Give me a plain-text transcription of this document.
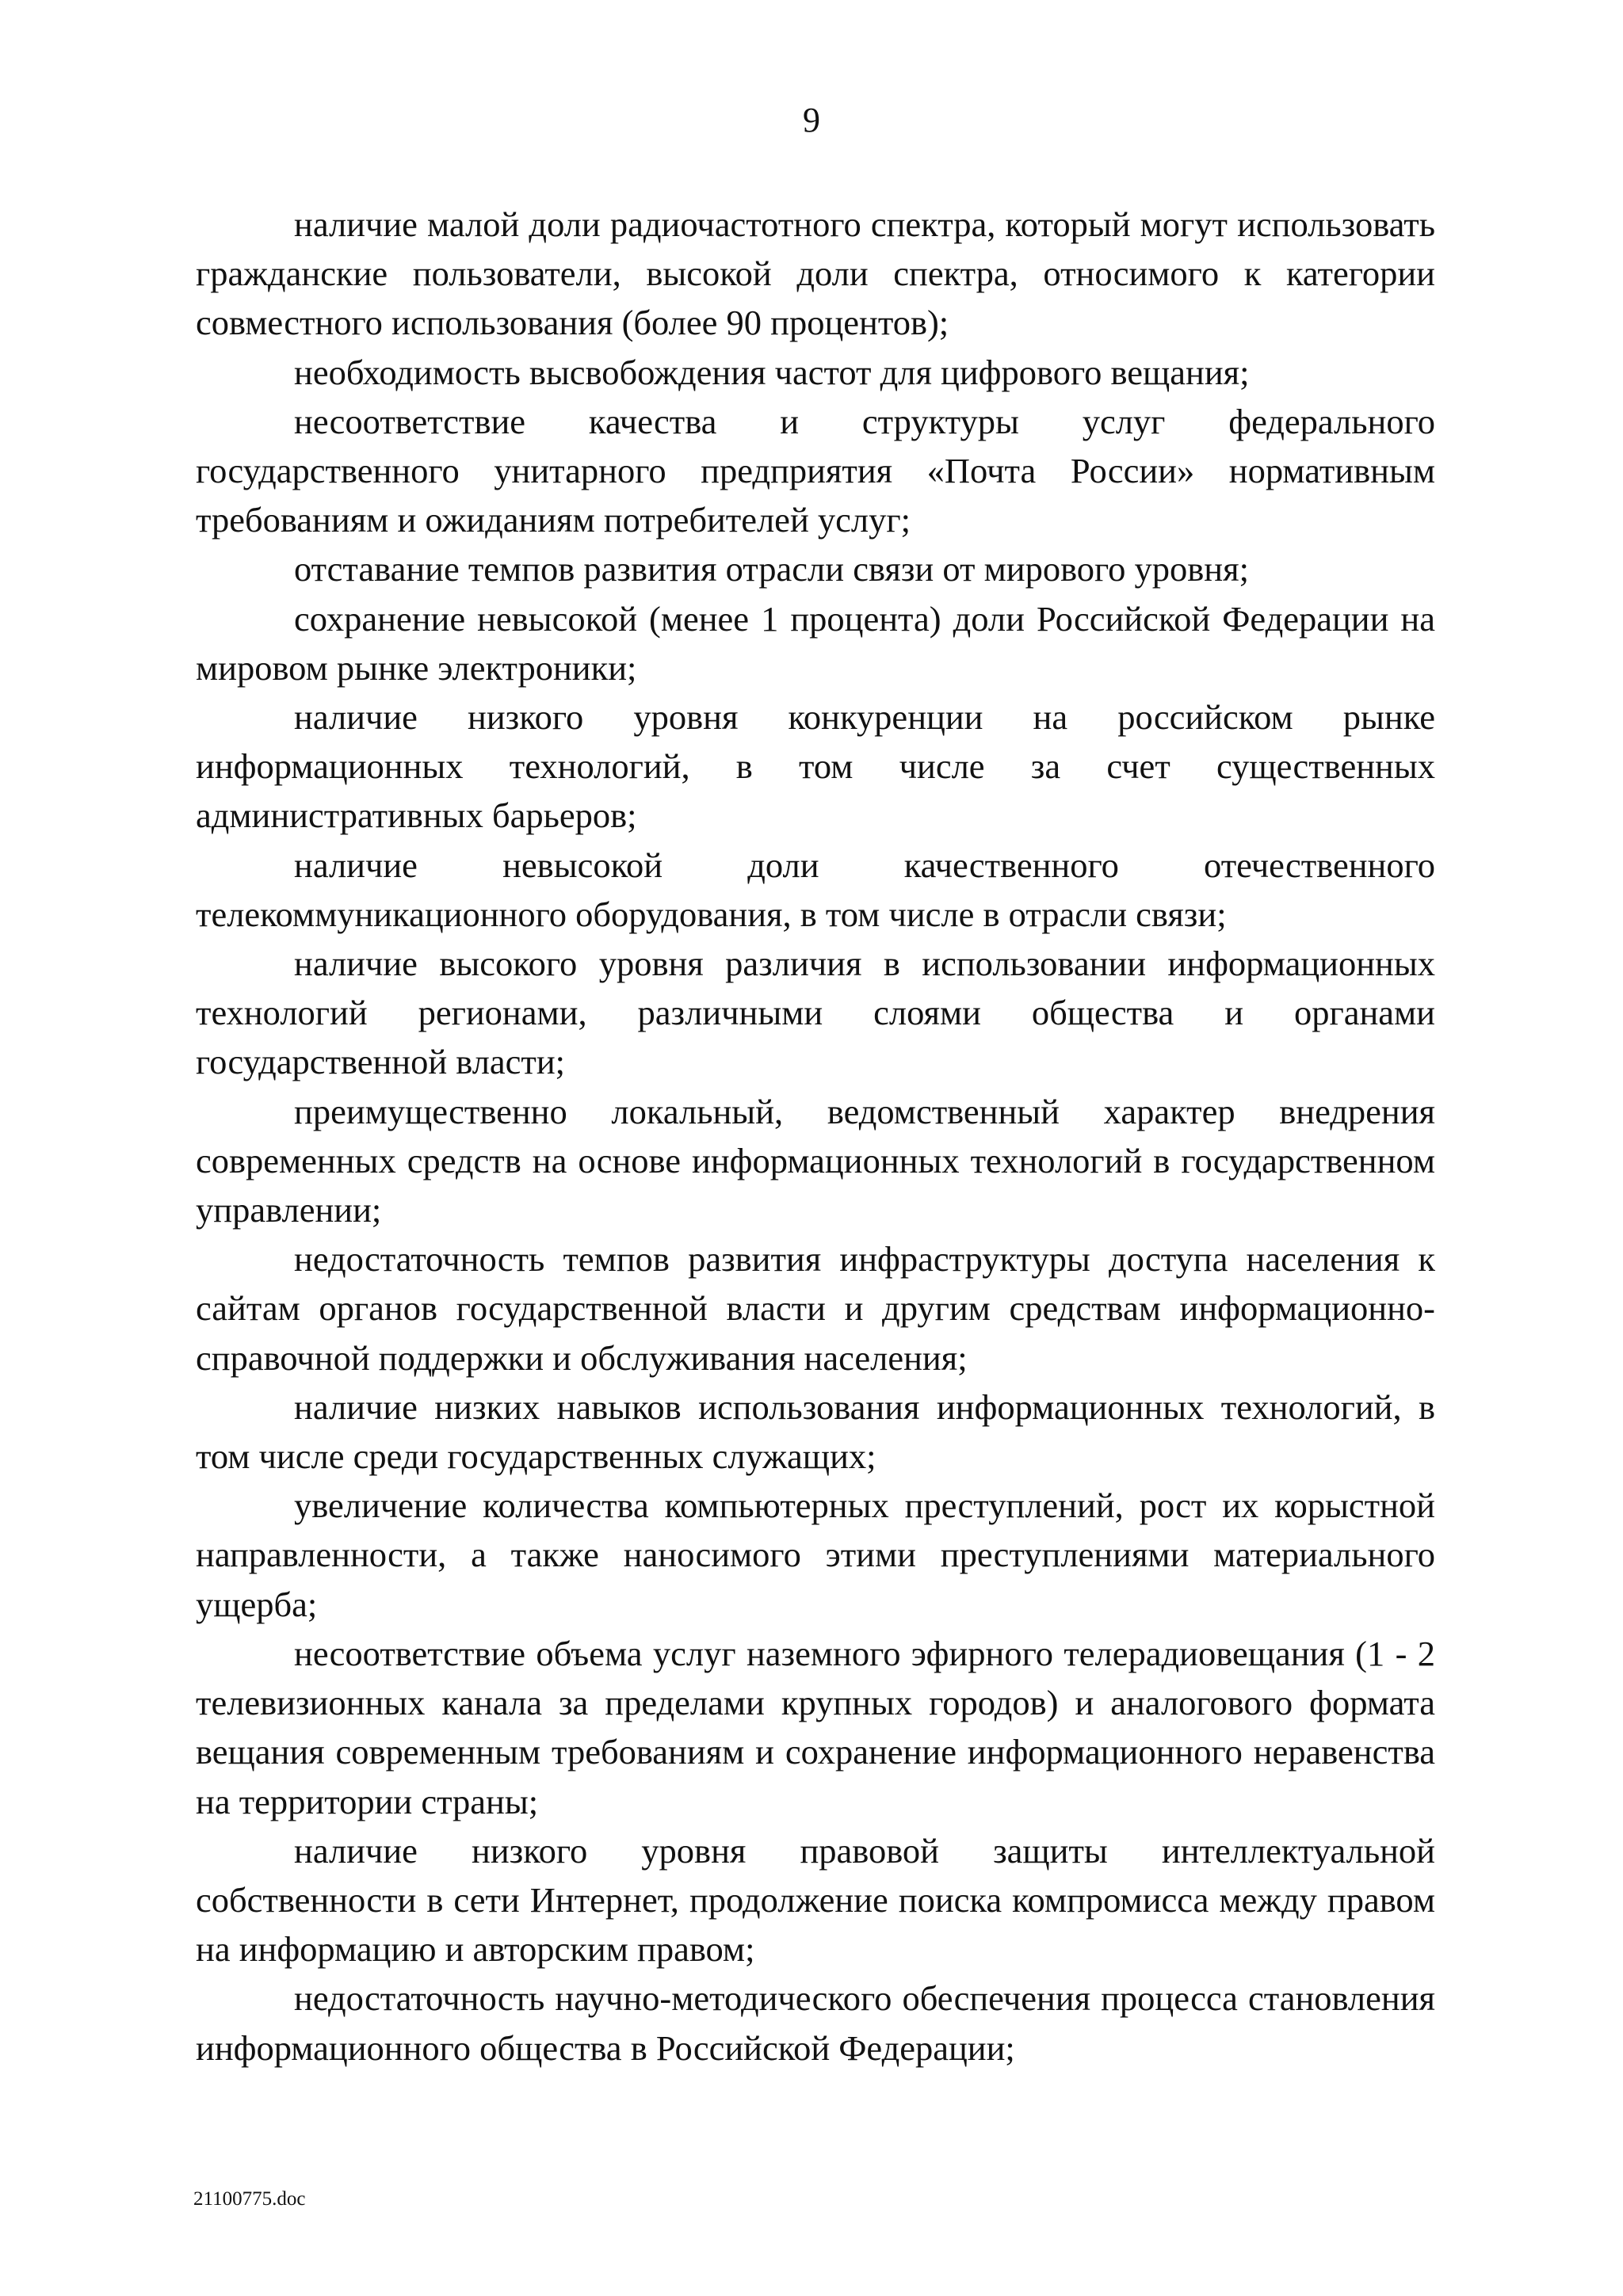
9

наличие малой доли радиочастотного спектра, который могут использовать гражданские пользователи, высокой доли спектра, относимого к категории совместного использования (более 90 процентов);

необходимость высвобождения частот для цифрового вещания;

несоответствие качества и структуры услуг федерального государственного унитарного предприятия «Почта России» нормативным требованиям и ожиданиям потребителей услуг;

отставание темпов развития отрасли связи от мирового уровня;

сохранение невысокой (менее 1 процента) доли Российской Федерации на мировом рынке электроники;

наличие низкого уровня конкуренции на российском рынке информационных технологий, в том числе за счет существенных административных барьеров;

наличие невысокой доли качественного отечественного телекоммуникационного оборудования, в том числе в отрасли связи;

наличие высокого уровня различия в использовании информационных технологий регионами, различными слоями общества и органами государственной власти;

преимущественно локальный, ведомственный характер внедрения современных средств на основе информационных технологий в государственном управлении;

недостаточность темпов развития инфраструктуры доступа населения к сайтам органов государственной власти и другим средствам информационно-справочной поддержки и обслуживания населения;

наличие низких навыков использования информационных технологий, в том числе среди государственных служащих;

увеличение количества компьютерных преступлений, рост их корыстной направленности, а также наносимого этими преступлениями материального ущерба;

несоответствие объема услуг наземного эфирного телерадиовещания (1 - 2 телевизионных канала за пределами крупных городов) и аналогового формата вещания современным требованиям и сохранение информационного неравенства на территории страны;

наличие низкого уровня правовой защиты интеллектуальной собственности в сети Интернет, продолжение поиска компромисса между правом на информацию и авторским правом;

недостаточность научно-методического обеспечения процесса становления информационного общества в Российской Федерации;

21100775.doc
